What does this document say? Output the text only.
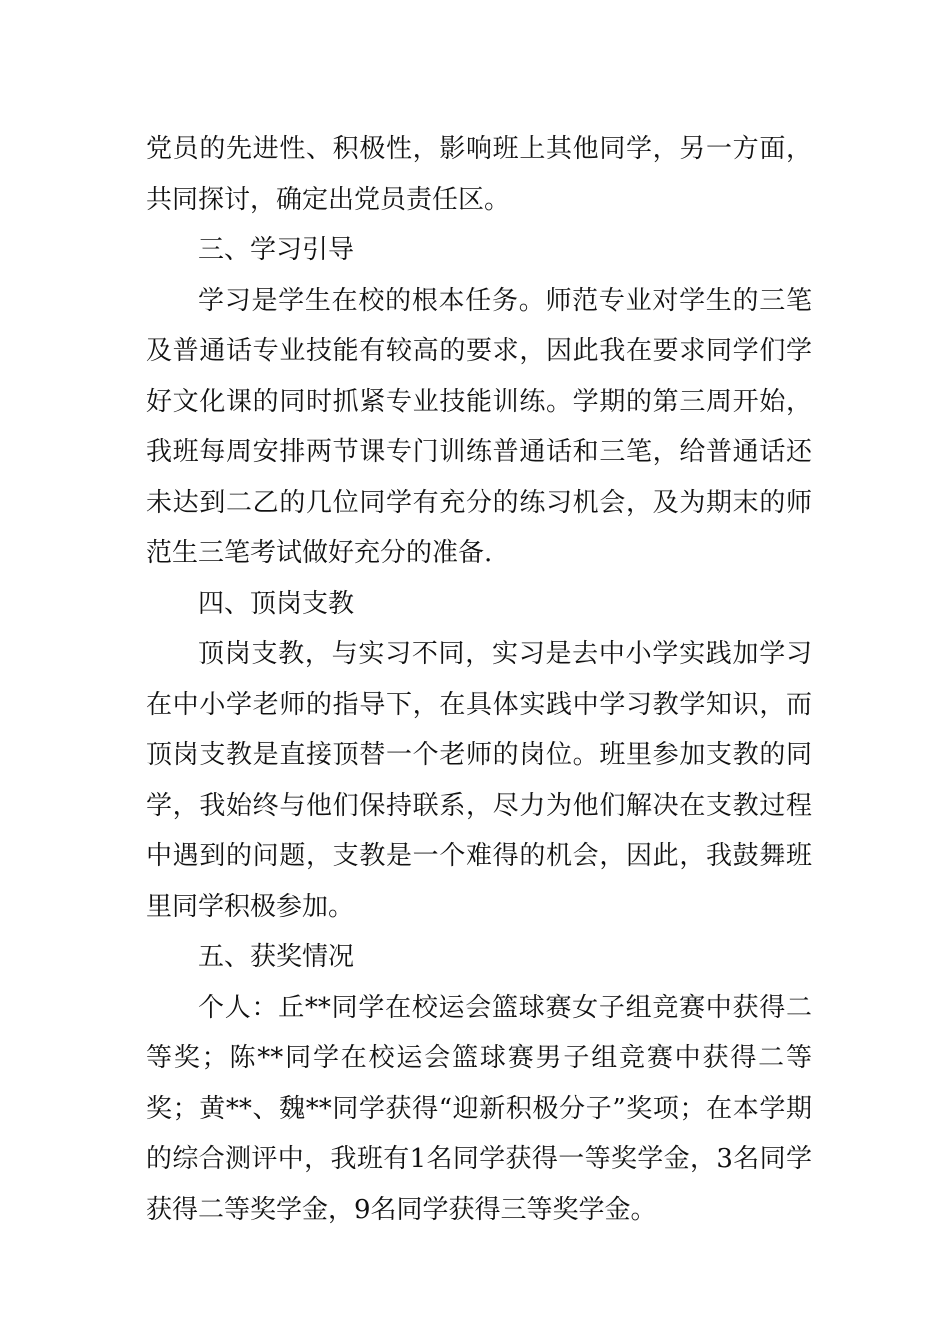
党员的先进性、积极性，影响班上其他同学，另一方面，共同探讨，确定出党员责任区。

三、学习引导

学习是学生在校的根本任务。师范专业对学生的三笔及普通话专业技能有较高的要求，因此我在要求同学们学好文化课的同时抓紧专业技能训练。学期的第三周开始，我班每周安排两节课专门训练普通话和三笔，给普通话还未达到二乙的几位同学有充分的练习机会，及为期末的师范生三笔考试做好充分的准备.

四、顶岗支教

顶岗支教，与实习不同，实习是去中小学实践加学习在中小学老师的指导下，在具体实践中学习教学知识，而顶岗支教是直接顶替一个老师的岗位。班里参加支教的同学，我始终与他们保持联系，尽力为他们解决在支教过程中遇到的问题，支教是一个难得的机会，因此，我鼓舞班里同学积极参加。

五、获奖情况

个人：丘**同学在校运会篮球赛女子组竞赛中获得二等奖；陈**同学在校运会篮球赛男子组竞赛中获得二等奖；黄**、魏**同学获得“迎新积极分子”奖项；在本学期的综合测评中，我班有1名同学获得一等奖学金，3名同学获得二等奖学金，9名同学获得三等奖学金。
